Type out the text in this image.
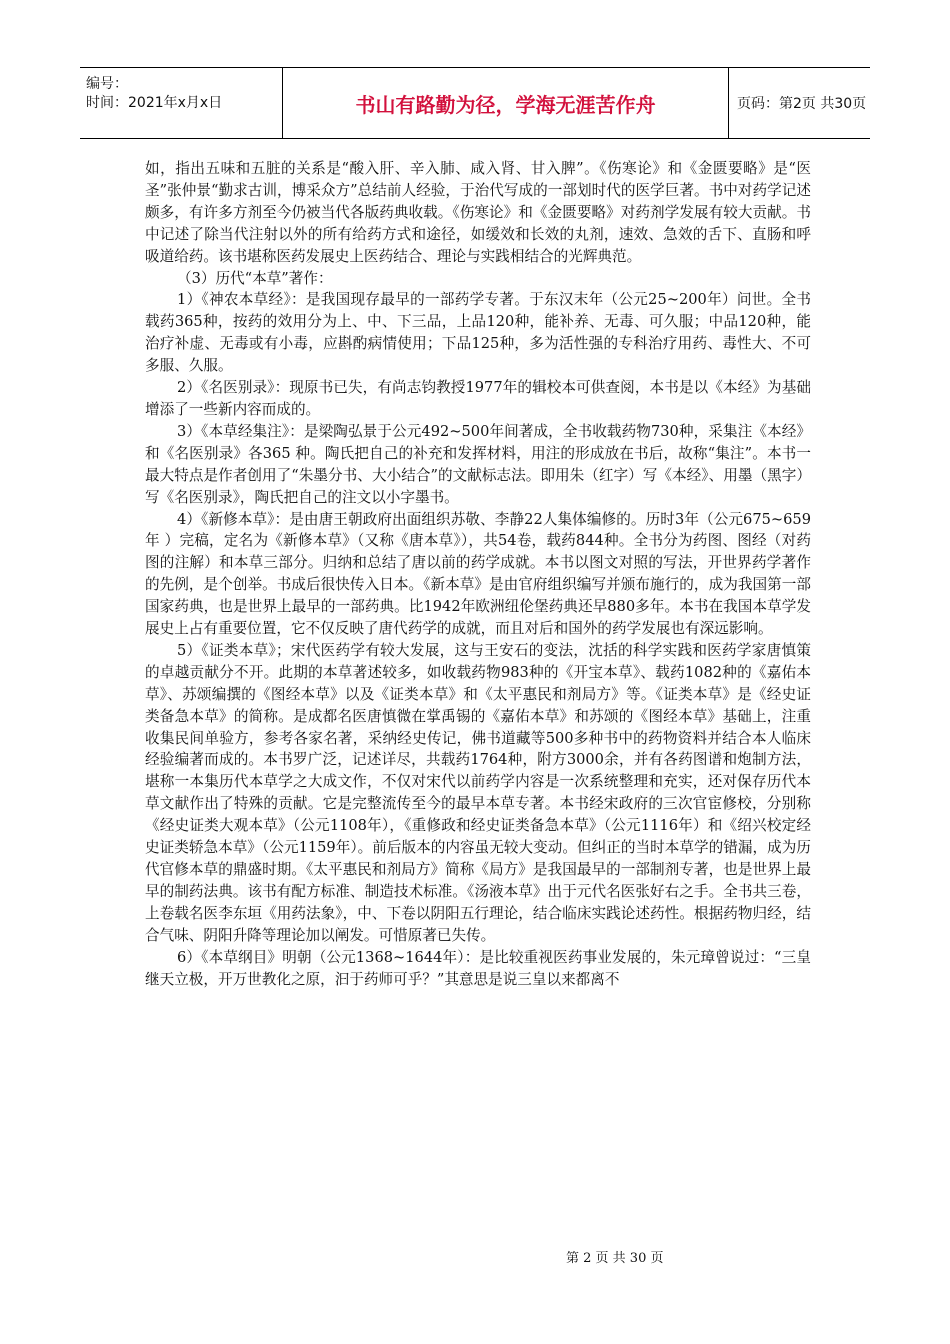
编号：
时间：2021年x月x日	书山有路勤为径，学海无涯苦作舟	页码：第2页 共30页

如，指出五味和五脏的关系是“酸入肝、辛入肺、咸入肾、甘入脾”。《伤寒论》和《金匮要略》是“医圣”张仲景“勤求古训，博采众方”总结前人经验，于治代写成的一部划时代的医学巨著。书中对药学记述颇多，有许多方剂至今仍被当代各版药典收载。《伤寒论》和《金匮要略》对药剂学发展有较大贡献。书中记述了除当代注射以外的所有给药方式和途径，如缓效和长效的丸剂，速效、急效的舌下、直肠和呼吸道给药。该书堪称医药发展史上医药结合、理论与实践相结合的光辉典范。

（3）历代“本草”著作：

1）《神农本草经》：是我国现存最早的一部药学专著。于东汉末年（公元25~200年）问世。全书载药365种，按药的效用分为上、中、下三品，上品120种，能补养、无毒、可久服；中品120种，能治疗补虚、无毒或有小毒，应斟酌病情使用；下品125种，多为活性强的专科治疗用药、毒性大、不可多服、久服。

2）《名医别录》：现原书已失，有尚志钧教授1977年的辑校本可供查阅，本书是以《本经》为基础增添了一些新内容而成的。

3）《本草经集注》：是梁陶弘景于公元492~500年间著成，全书收载药物730种，采集注《本经》和《名医别录》各365 种。陶氏把自己的补充和发挥材料，用注的形成放在书后，故称“集注”。本书一最大特点是作者创用了“朱墨分书、大小结合”的文献标志法。即用朱（红字）写《本经》、用墨（黑字）写《名医别录》，陶氏把自己的注文以小字墨书。

4）《新修本草》：是由唐王朝政府出面组织苏敬、李静22人集体编修的。历时3年（公元675~659年 ）完稿，定名为《新修本草》（又称《唐本草》），共54卷，载药844种。全书分为药图、图经（对药图的注解）和本草三部分。归纳和总结了唐以前的药学成就。本书以图文对照的写法，开世界药学著作的先例，是个创举。书成后很快传入日本。《新本草》是由官府组织编写并颁布施行的，成为我国第一部国家药典，也是世界上最早的一部药典。比1942年欧洲纽伦堡药典还早880多年。本书在我国本草学发展史上占有重要位置，它不仅反映了唐代药学的成就，而且对后和国外的药学发展也有深远影响。

5）《证类本草》；宋代医药学有较大发展，这与王安石的变法，沈括的科学实践和医药学家唐慎策的卓越贡献分不开。此期的本草著述较多，如收载药物983种的《开宝本草》、载药1082种的《嘉佑本草》、苏颂编撰的《图经本草》以及《证类本草》和《太平惠民和剂局方》等。《证类本草》是《经史证类备急本草》的简称。是成都名医唐慎微在掌禹锡的《嘉佑本草》和苏颂的《图经本草》基础上，注重收集民间单验方，参考各家名著，采纳经史传记，佛书道藏等500多种书中的药物资料并结合本人临床经验编著而成的。本书罗广泛，记述详尽，共载药1764种，附方3000余，并有各药图谱和炮制方法，堪称一本集历代本草学之大成文作，不仅对宋代以前药学内容是一次系统整理和充实，还对保存历代本草文献作出了特殊的贡献。它是完整流传至今的最早本草专著。本书经宋政府的三次官宦修校，分别称《经史证类大观本草》（公元1108年），《重修政和经史证类备急本草》（公元1116年）和《绍兴校定经史证类轿急本草》（公元1159年）。前后版本的内容虽无较大变动。但纠正的当时本草学的错漏，成为历代官修本草的鼎盛时期。《太平惠民和剂局方》简称《局方》是我国最早的一部制剂专著，也是世界上最早的制药法典。该书有配方标准、制造技术标准。《汤液本草》出于元代名医张好右之手。全书共三卷，上卷载名医李东垣《用药法象》，中、下卷以阴阳五行理论，结合临床实践论述药性。根据药物归经，结合气味、阴阳升降等理论加以阐发。可惜原著已失传。

6）《本草纲目》明朝（公元1368~1644年）：是比较重视医药事业发展的，朱元璋曾说过：“三皇继天立极，开万世教化之原，汩于药师可乎？”其意思是说三皇以来都离不

第 2 页 共 30 页
